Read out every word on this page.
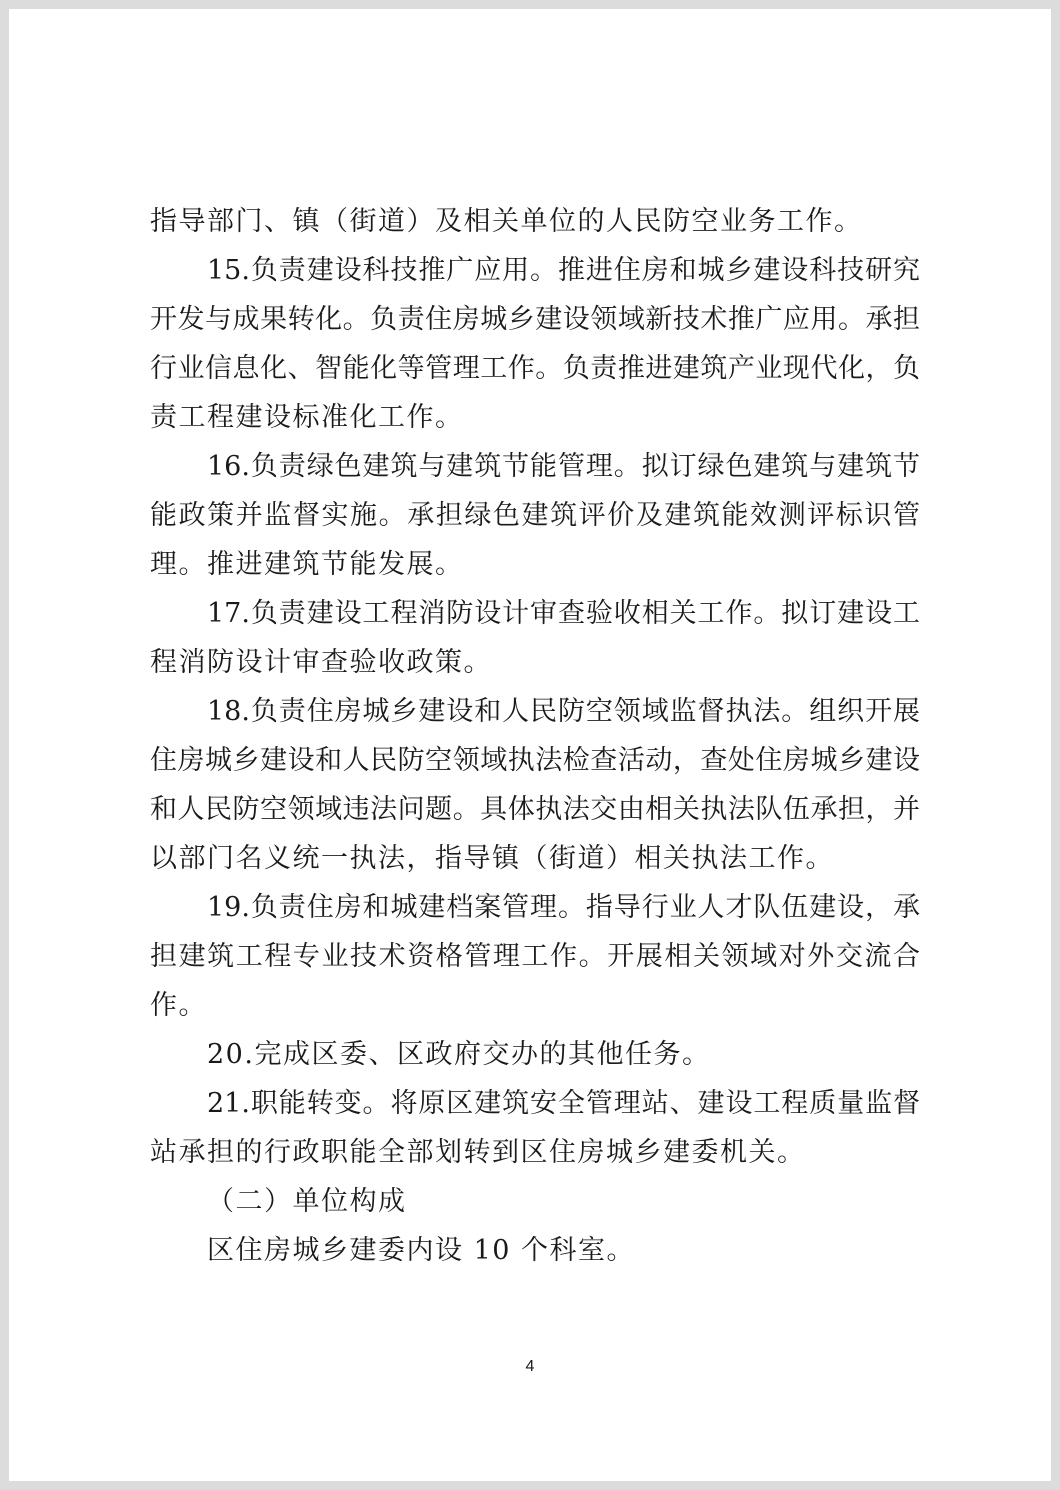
指导部门、镇（街道）及相关单位的人民防空业务工作。
15.负责建设科技推广应用。推进住房和城乡建设科技研究
开发与成果转化。负责住房城乡建设领域新技术推广应用。承担
行业信息化、智能化等管理工作。负责推进建筑产业现代化，负
责工程建设标准化工作。
16.负责绿色建筑与建筑节能管理。拟订绿色建筑与建筑节
能政策并监督实施。承担绿色建筑评价及建筑能效测评标识管
理。推进建筑节能发展。
17.负责建设工程消防设计审查验收相关工作。拟订建设工
程消防设计审查验收政策。
18.负责住房城乡建设和人民防空领域监督执法。组织开展
住房城乡建设和人民防空领域执法检查活动，查处住房城乡建设
和人民防空领域违法问题。具体执法交由相关执法队伍承担，并
以部门名义统一执法，指导镇（街道）相关执法工作。
19.负责住房和城建档案管理。指导行业人才队伍建设，承
担建筑工程专业技术资格管理工作。开展相关领域对外交流合
作。
20.完成区委、区政府交办的其他任务。
21.职能转变。将原区建筑安全管理站、建设工程质量监督
站承担的行政职能全部划转到区住房城乡建委机关。
（二）单位构成
区住房城乡建委内设 10 个科室。
4
